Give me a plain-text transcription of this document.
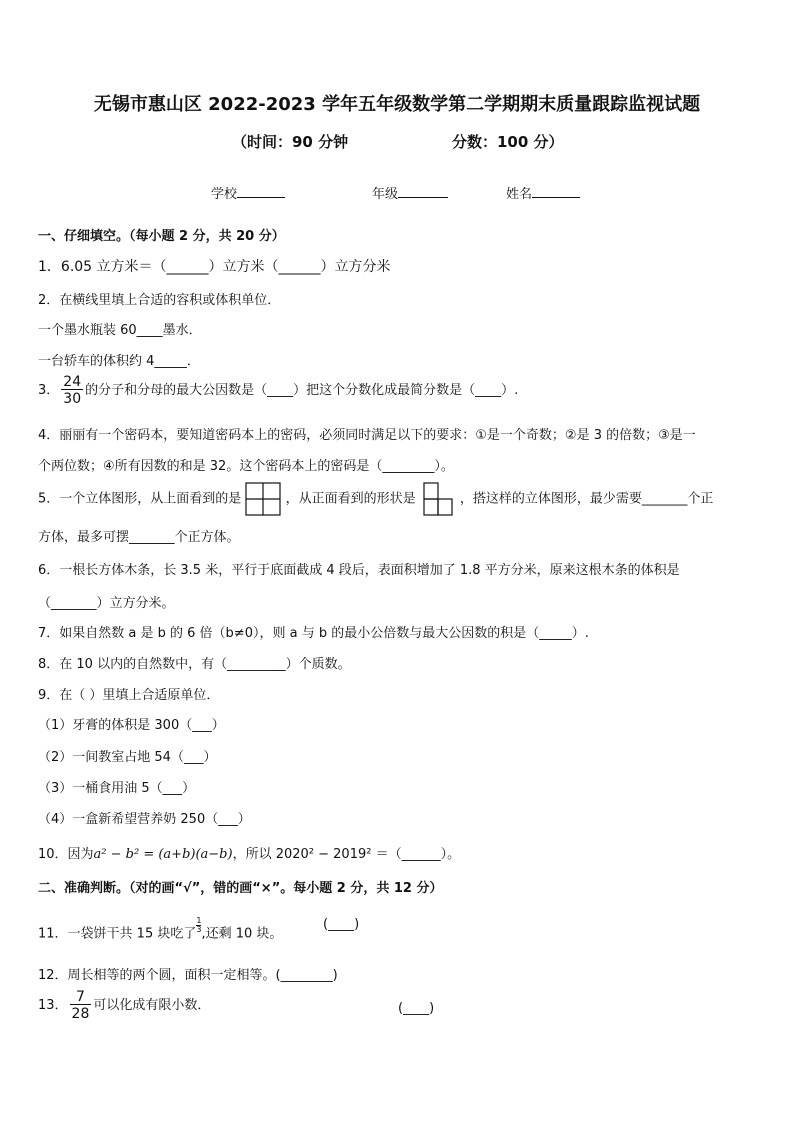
无锡市惠山区 2022-2023 学年五年级数学第二学期期末质量跟踪监视试题
（时间：90 分钟	分数：100 分）
学校	年级	姓名
一、仔细填空。（每小题 2 分，共 20 分）
1．6.05 立方米＝（______）立方米（______）立方分米
2．在横线里填上合适的容积或体积单位．
一个墨水瓶装 60____墨水．
一台轿车的体积约 4_____．
3． $\frac{24}{30}$ 的分子和分母的最大公因数是（____）把这个分数化成最简分数是（____）.
4．丽丽有一个密码本，要知道密码本上的密码，必须同时满足以下的要求：①是一个奇数；②是 3 的倍数；③是一
个两位数；④所有因数的和是 32。这个密码本上的密码是（________）。
5．一个立体图形，从上面看到的是	，从正面看到的形状是	，搭这样的立体图形，最少需要_______个正
方体，最多可摆_______个正方体。
6．一根长方体木条，长 3.5 米，平行于底面截成 4 段后，表面积增加了 1.8 平方分米，原来这根木条的体积是
（_______）立方分米。
7．如果自然数 a 是 b 的 6 倍（b≠0），则 a 与 b 的最小公倍数与最大公因数的积是（_____）.
8．在 10 以内的自然数中，有（_________）个质数。
9．在（ ）里填上合适原单位．
（1）牙膏的体积是 300（___）
（2）一间教室占地 54（___）
（3）一桶食用油 5（___）
（4）一盒新希望营养奶 250（___）
10．因为a² − b² = (a+b)(a−b)，所以 2020² − 2019² ＝（______）。
二、准确判断。（对的画“√”，错的画“×”。每小题 2 分，共 12 分）
11．一袋饼干共 15 块吃了 $\frac{1}{3}$ ,还剩 10 块。
(____)
12．周长相等的两个圆，面积一定相等。(________)
13． $\frac{7}{28}$ 可以化成有限小数．	(____)
